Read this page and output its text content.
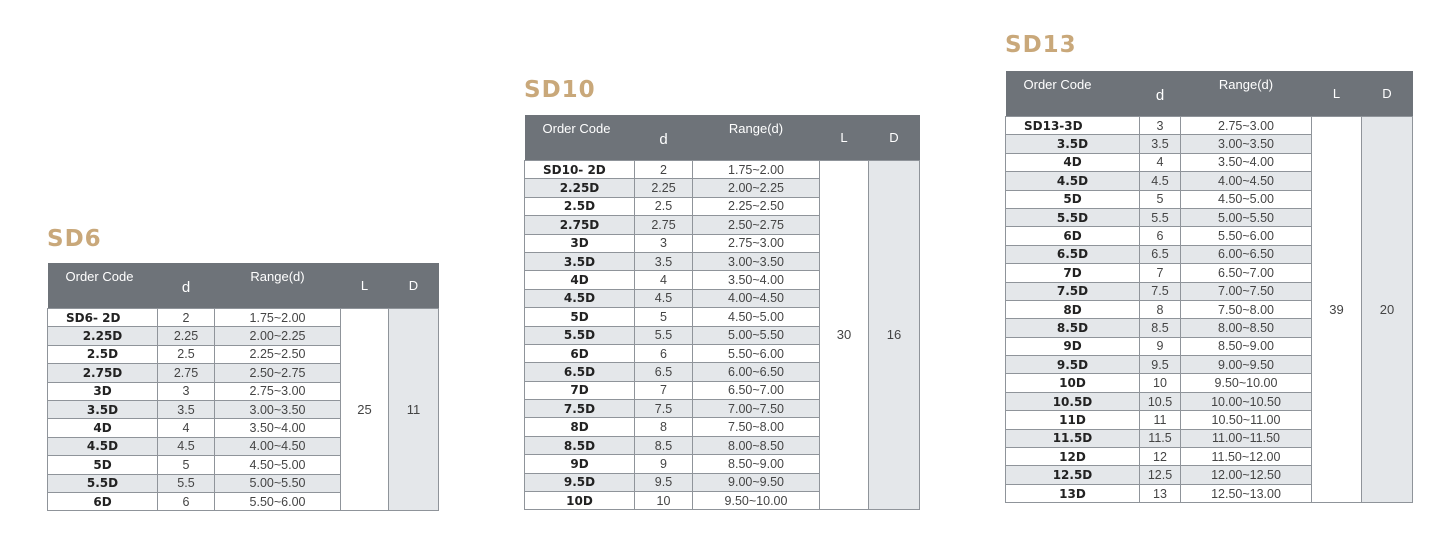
SD6
Order Code	d	Range(d)	L	D
SD6- 2D	2	1.75~2.00	25	11
2.25D	2.25	2.00~2.25		
2.5D	2.5	2.25~2.50		
2.75D	2.75	2.50~2.75		
3D	3	2.75~3.00		
3.5D	3.5	3.00~3.50		
4D	4	3.50~4.00		
4.5D	4.5	4.00~4.50		
5D	5	4.50~5.00		
5.5D	5.5	5.00~5.50		
6D	6	5.50~6.00		
SD10
Order Code	d	Range(d)	L	D
SD10- 2D	2	1.75~2.00	30	16
2.25D	2.25	2.00~2.25		
2.5D	2.5	2.25~2.50		
2.75D	2.75	2.50~2.75		
3D	3	2.75~3.00		
3.5D	3.5	3.00~3.50		
4D	4	3.50~4.00		
4.5D	4.5	4.00~4.50		
5D	5	4.50~5.00		
5.5D	5.5	5.00~5.50		
6D	6	5.50~6.00		
6.5D	6.5	6.00~6.50		
7D	7	6.50~7.00		
7.5D	7.5	7.00~7.50		
8D	8	7.50~8.00		
8.5D	8.5	8.00~8.50		
9D	9	8.50~9.00		
9.5D	9.5	9.00~9.50		
10D	10	9.50~10.00		
SD13
Order Code	d	Range(d)	L	D
SD13-3D	3	2.75~3.00	39	20
3.5D	3.5	3.00~3.50		
4D	4	3.50~4.00		
4.5D	4.5	4.00~4.50		
5D	5	4.50~5.00		
5.5D	5.5	5.00~5.50		
6D	6	5.50~6.00		
6.5D	6.5	6.00~6.50		
7D	7	6.50~7.00		
7.5D	7.5	7.00~7.50		
8D	8	7.50~8.00		
8.5D	8.5	8.00~8.50		
9D	9	8.50~9.00		
9.5D	9.5	9.00~9.50		
10D	10	9.50~10.00		
10.5D	10.5	10.00~10.50		
11D	11	10.50~11.00		
11.5D	11.5	11.00~11.50		
12D	12	11.50~12.00		
12.5D	12.5	12.00~12.50		
13D	13	12.50~13.00		
